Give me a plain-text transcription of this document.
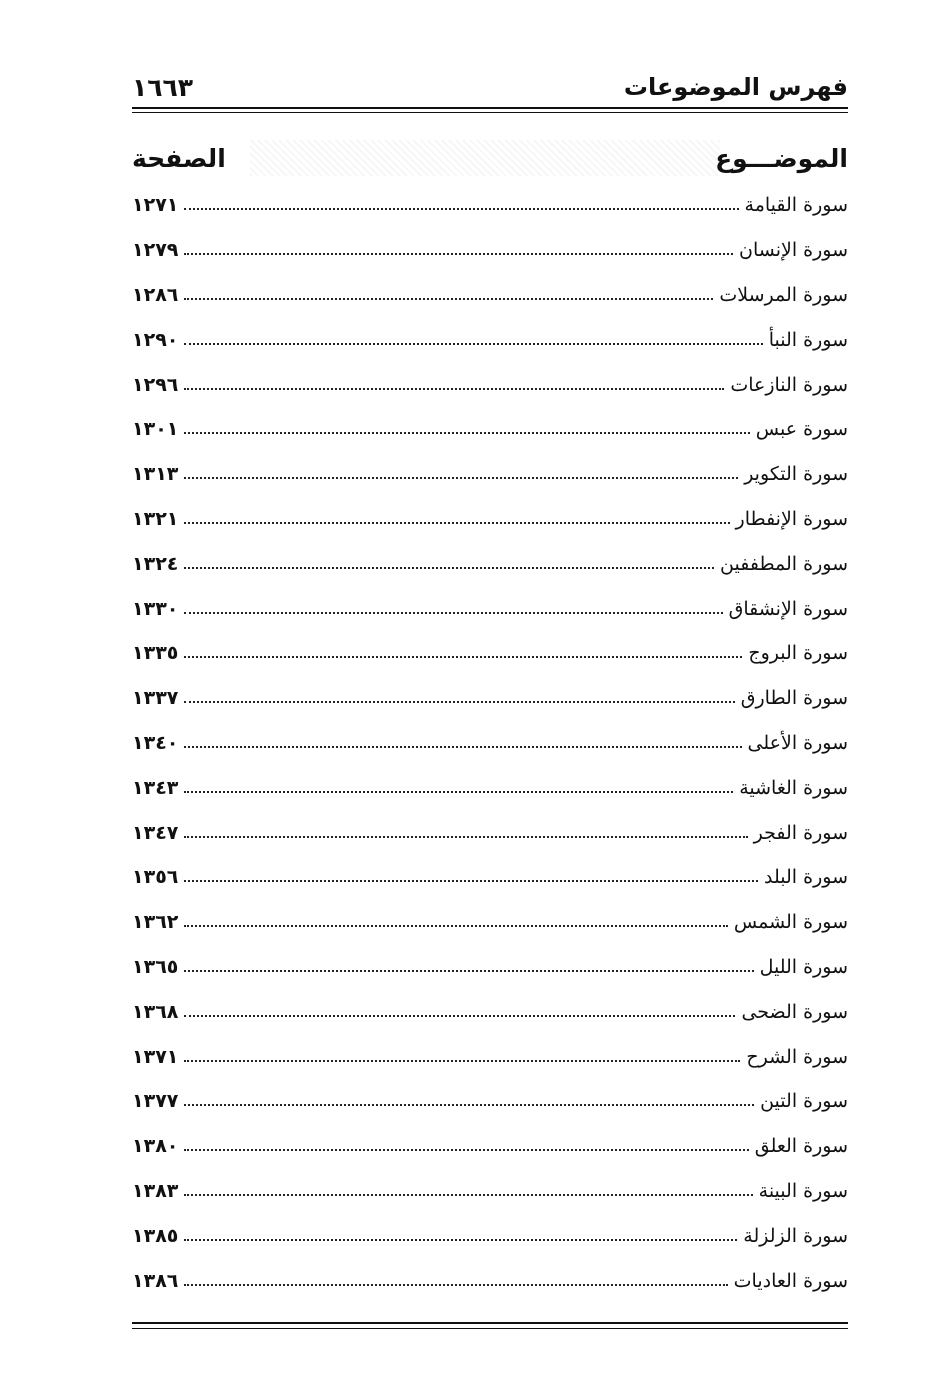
فهرس الموضوعات
١٦٦٣
الموضـــوع
الصفحة
سورة القيامة
١٢٧١
سورة الإنسان
١٢٧٩
سورة المرسلات
١٢٨٦
سورة النبأ
١٢٩٠
سورة النازعات
١٢٩٦
سورة عبس
١٣٠١
سورة التكوير
١٣١٣
سورة الإنفطار
١٣٢١
سورة المطففين
١٣٢٤
سورة الإنشقاق
١٣٣٠
سورة البروج
١٣٣٥
سورة الطارق
١٣٣٧
سورة الأعلى
١٣٤٠
سورة الغاشية
١٣٤٣
سورة الفجر
١٣٤٧
سورة البلد
١٣٥٦
سورة الشمس
١٣٦٢
سورة الليل
١٣٦٥
سورة الضحى
١٣٦٨
سورة الشرح
١٣٧١
سورة التين
١٣٧٧
سورة العلق
١٣٨٠
سورة البينة
١٣٨٣
سورة الزلزلة
١٣٨٥
سورة العاديات
١٣٨٦
